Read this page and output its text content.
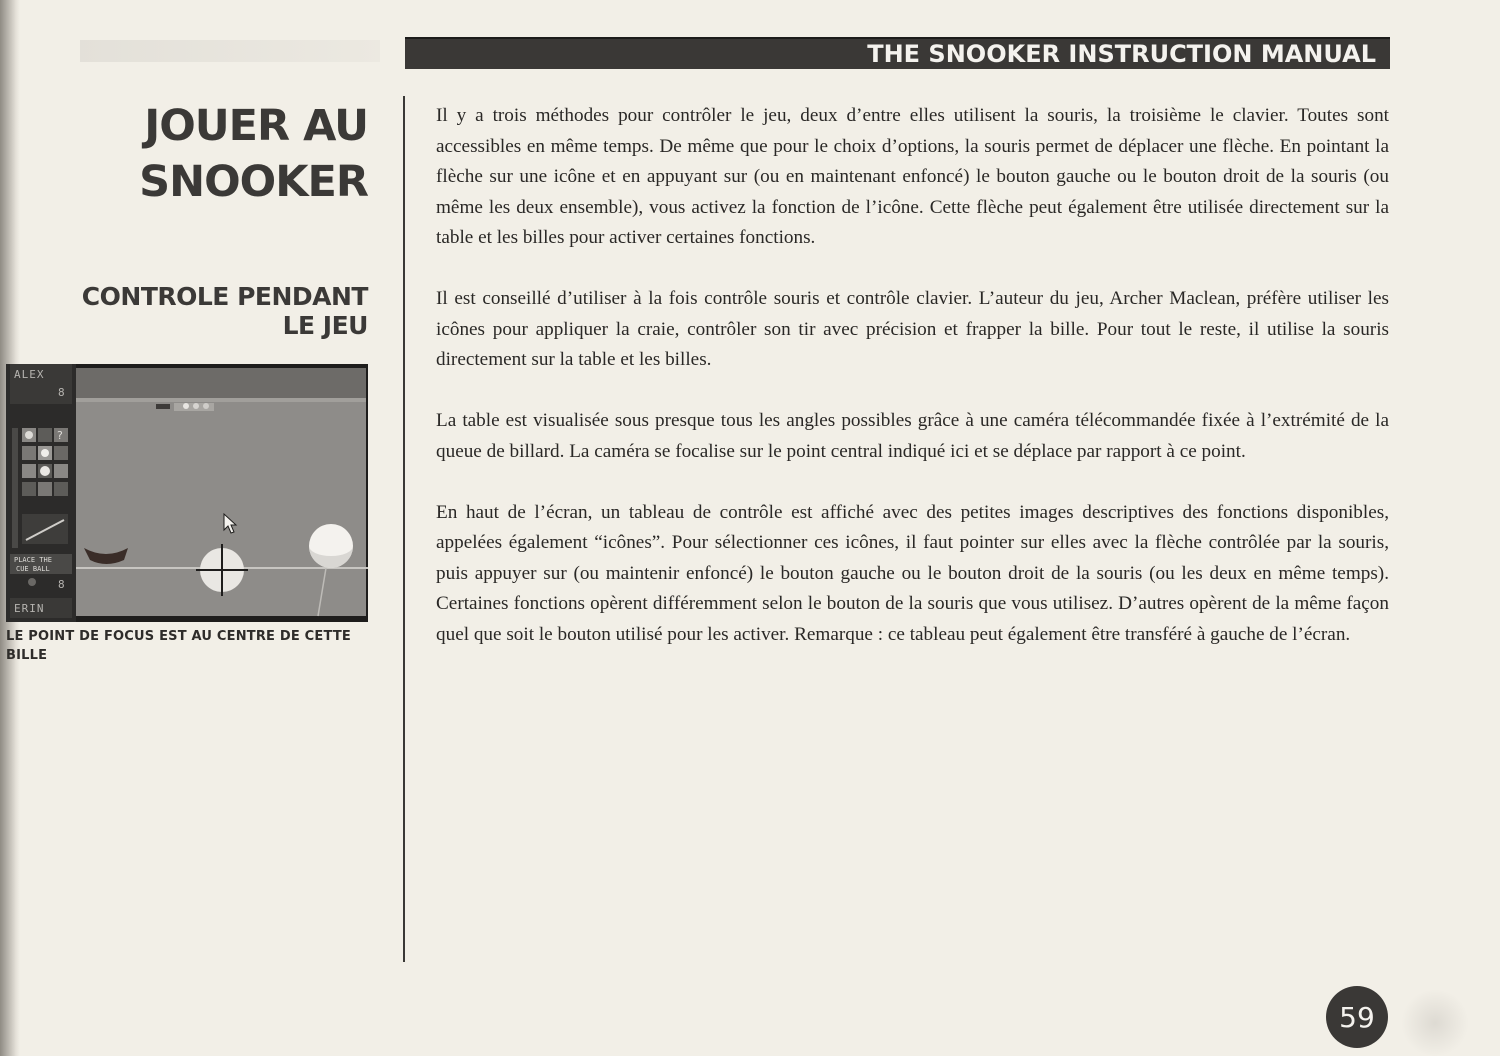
THE SNOOKER INSTRUCTION MANUAL
JOUER AU
SNOOKER
CONTROLE PENDANT
LE JEU
ALEX
8
?
PLACE THE
CUE BALL
8
ERIN
LE POINT DE FOCUS EST AU CENTRE DE CETTE BILLE

Il y a trois méthodes pour contrôler le jeu, deux d’entre elles utilisent la souris, la troisième le clavier. Toutes sont accessibles en même temps. De même que pour le choix d’options, la souris permet de déplacer une flèche. En pointant la flèche sur une icône et en appuyant sur (ou en maintenant enfoncé) le bouton gauche ou le bouton droit de la souris (ou même les deux ensemble), vous activez la fonction de l’icône. Cette flèche peut également être utilisée directement sur la table et les billes pour activer certaines fonctions.

Il est conseillé d’utiliser à la fois contrôle souris et contrôle clavier. L’auteur du jeu, Archer Maclean, préfère utiliser les icônes pour appliquer la craie, contrôler son tir avec précision et frapper la bille. Pour tout le reste, il utilise la souris directement sur la table et les billes.

La table est visualisée sous presque tous les angles possibles grâce à une caméra télécommandée fixée à l’extrémité de la queue de billard. La caméra se focalise sur le point central indiqué ici et se déplace par rapport à ce point.

En haut de l’écran, un tableau de contrôle est affiché avec des petites images descriptives des fonctions disponibles, appelées également “icônes”. Pour sélectionner ces icônes, il faut pointer sur elles avec la flèche contrôlée par la souris, puis appuyer sur (ou maintenir enfoncé) le bouton gauche ou le bouton droit de la souris (ou les deux en même temps). Certaines fonctions opèrent différemment selon le bouton de la souris que vous utilisez. D’autres opèrent de la même façon quel que soit le bouton utilisé pour les activer. Remarque : ce tableau peut également être transféré à gauche de l’écran.

59
